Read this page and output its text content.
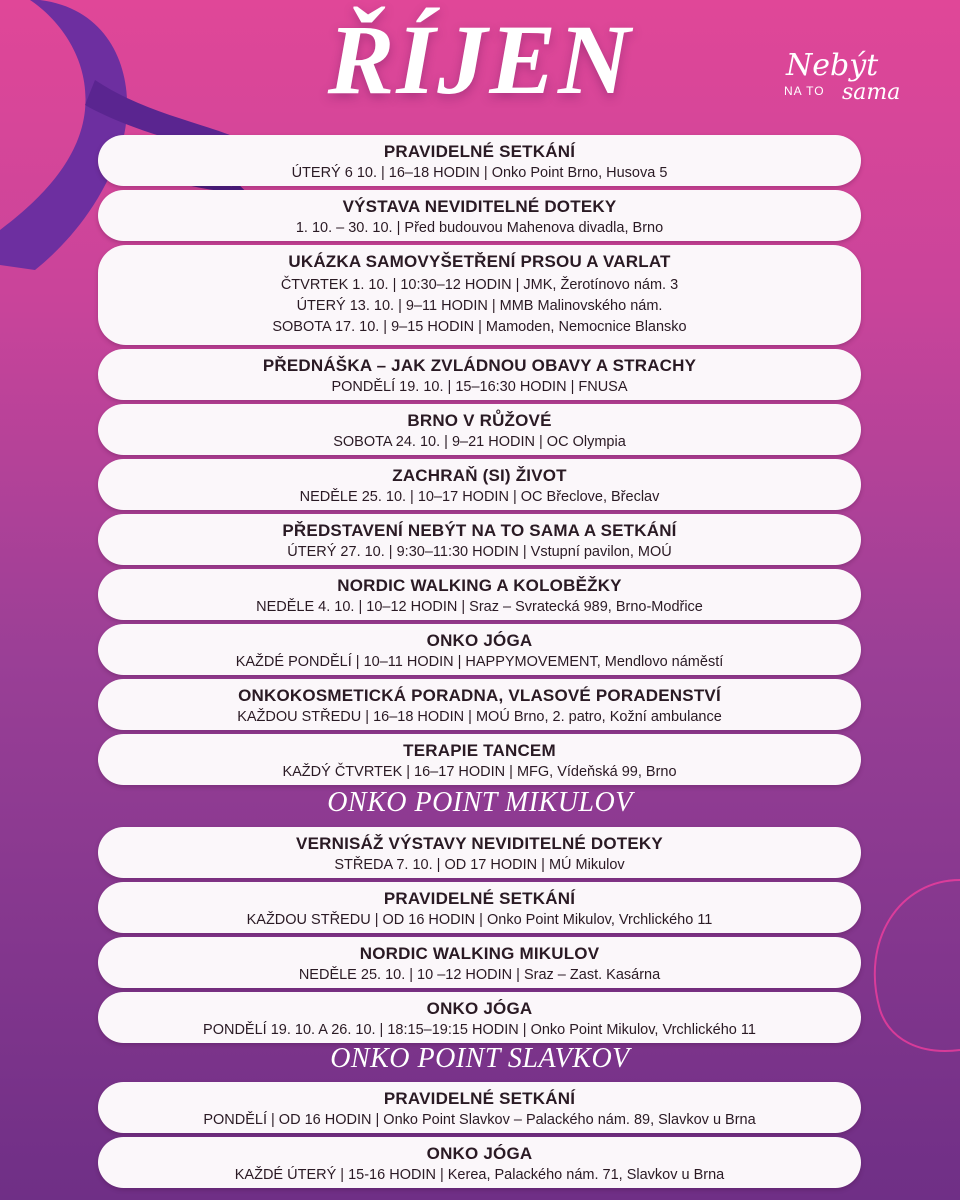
ŘÍJEN	Nebýt
NA TO sama
PRAVIDELNÉ SETKÁNÍ
ÚTERÝ 6 10. | 16–18 HODIN | Onko Point Brno, Husova 5
VÝSTAVA NEVIDITELNÉ DOTEKY
1. 10. – 30. 10. | Před budouvou Mahenova divadla, Brno
UKÁZKA SAMOVYŠETŘENÍ PRSOU A VARLAT
ČTVRTEK 1. 10. | 10:30–12 HODIN | JMK, Žerotínovo nám. 3
ÚTERÝ 13. 10. | 9–11 HODIN | MMB Malinovského nám.
SOBOTA 17. 10. | 9–15 HODIN | Mamoden, Nemocnice Blansko
PŘEDNÁŠKA – JAK ZVLÁDNOU OBAVY A STRACHY
PONDĚLÍ 19. 10. | 15–16:30 HODIN | FNUSA
BRNO V RŮŽOVÉ
SOBOTA 24. 10. | 9–21 HODIN | OC Olympia
ZACHRAŇ (SI) ŽIVOT
NEDĚLE 25. 10. | 10–17 HODIN | OC Břeclove, Břeclav
PŘEDSTAVENÍ NEBÝT NA TO SAMA A SETKÁNÍ
ÚTERÝ 27. 10. | 9:30–11:30 HODIN | Vstupní pavilon, MOÚ
NORDIC WALKING A KOLOBĚŽKY
NEDĚLE 4. 10. | 10–12 HODIN | Sraz – Svratecká 989, Brno-Modřice
ONKO JÓGA
KAŽDÉ PONDĚLÍ | 10–11 HODIN | HAPPYMOVEMENT, Mendlovo náměstí
ONKOKOSMETICKÁ PORADNA, VLASOVÉ PORADENSTVÍ
KAŽDOU STŘEDU | 16–18 HODIN | MOÚ Brno, 2. patro, Kožní ambulance
TERAPIE TANCEM
KAŽDÝ ČTVRTEK | 16–17 HODIN | MFG, Vídeňská 99, Brno
ONKO POINT MIKULOV
VERNISÁŽ VÝSTAVY NEVIDITELNÉ DOTEKY
STŘEDA 7. 10. | OD 17 HODIN | MÚ Mikulov
PRAVIDELNÉ SETKÁNÍ
KAŽDOU STŘEDU | OD 16 HODIN | Onko Point Mikulov, Vrchlického 11
NORDIC WALKING MIKULOV
NEDĚLE 25. 10. | 10 –12 HODIN | Sraz – Zast. Kasárna
ONKO JÓGA
PONDĚLÍ 19. 10. A 26. 10. | 18:15–19:15 HODIN | Onko Point Mikulov, Vrchlického 11
ONKO POINT SLAVKOV
PRAVIDELNÉ SETKÁNÍ
PONDĚLÍ | OD 16 HODIN | Onko Point Slavkov – Palackého nám. 89, Slavkov u Brna
ONKO JÓGA
KAŽDÉ ÚTERÝ | 15-16 HODIN | Kerea, Palackého nám. 71, Slavkov u Brna
